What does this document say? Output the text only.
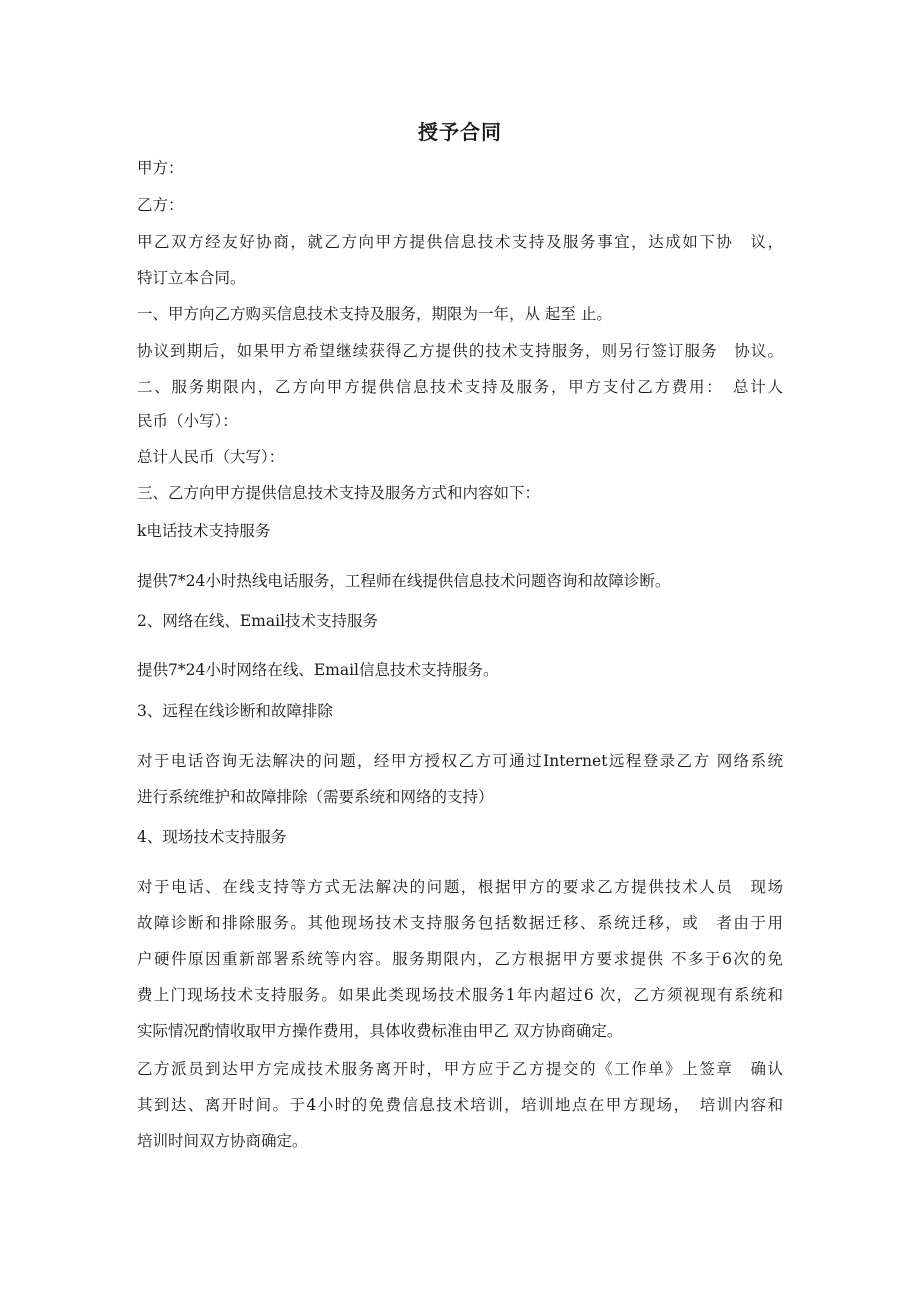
授予合同
甲方：
乙方：
甲乙双方经友好协商，就乙方向甲方提供信息技术支持及服务事宜，达成如下协　议，
特订立本合同。
一、甲方向乙方购买信息技术支持及服务，期限为一年，从 起至 止。
协议到期后，如果甲方希望继续获得乙方提供的技术支持服务，则另行签订服务　协议。
二、服务期限内，乙方向甲方提供信息技术支持及服务，甲方支付乙方费用：　总计人
民币（小写）：
总计人民币（大写）：
三、乙方向甲方提供信息技术支持及服务方式和内容如下：
k电话技术支持服务
提供7*24小时热线电话服务，工程师在线提供信息技术问题咨询和故障诊断。
2、网络在线、Email技术支持服务
提供7*24小时网络在线、Email信息技术支持服务。
3、远程在线诊断和故障排除
对于电话咨询无法解决的问题，经甲方授权乙方可通过Internet远程登录乙方 网络系统
进行系统维护和故障排除（需要系统和网络的支持）
4、现场技术支持服务
对于电话、在线支持等方式无法解决的问题，根据甲方的要求乙方提供技术人员　现场
故障诊断和排除服务。其他现场技术支持服务包括数据迁移、系统迁移，或　者由于用
户硬件原因重新部署系统等内容。服务期限内，乙方根据甲方要求提供 不多于6次的免
费上门现场技术支持服务。如果此类现场技术服务1年内超过6 次，乙方须视现有系统和
实际情况酌情收取甲方操作费用，具体收费标准由甲乙 双方协商确定。
乙方派员到达甲方完成技术服务离开时，甲方应于乙方提交的《工作单》上签章　确认
其到达、离开时间。于4小时的免费信息技术培训，培训地点在甲方现场，　培训内容和
培训时间双方协商确定。
